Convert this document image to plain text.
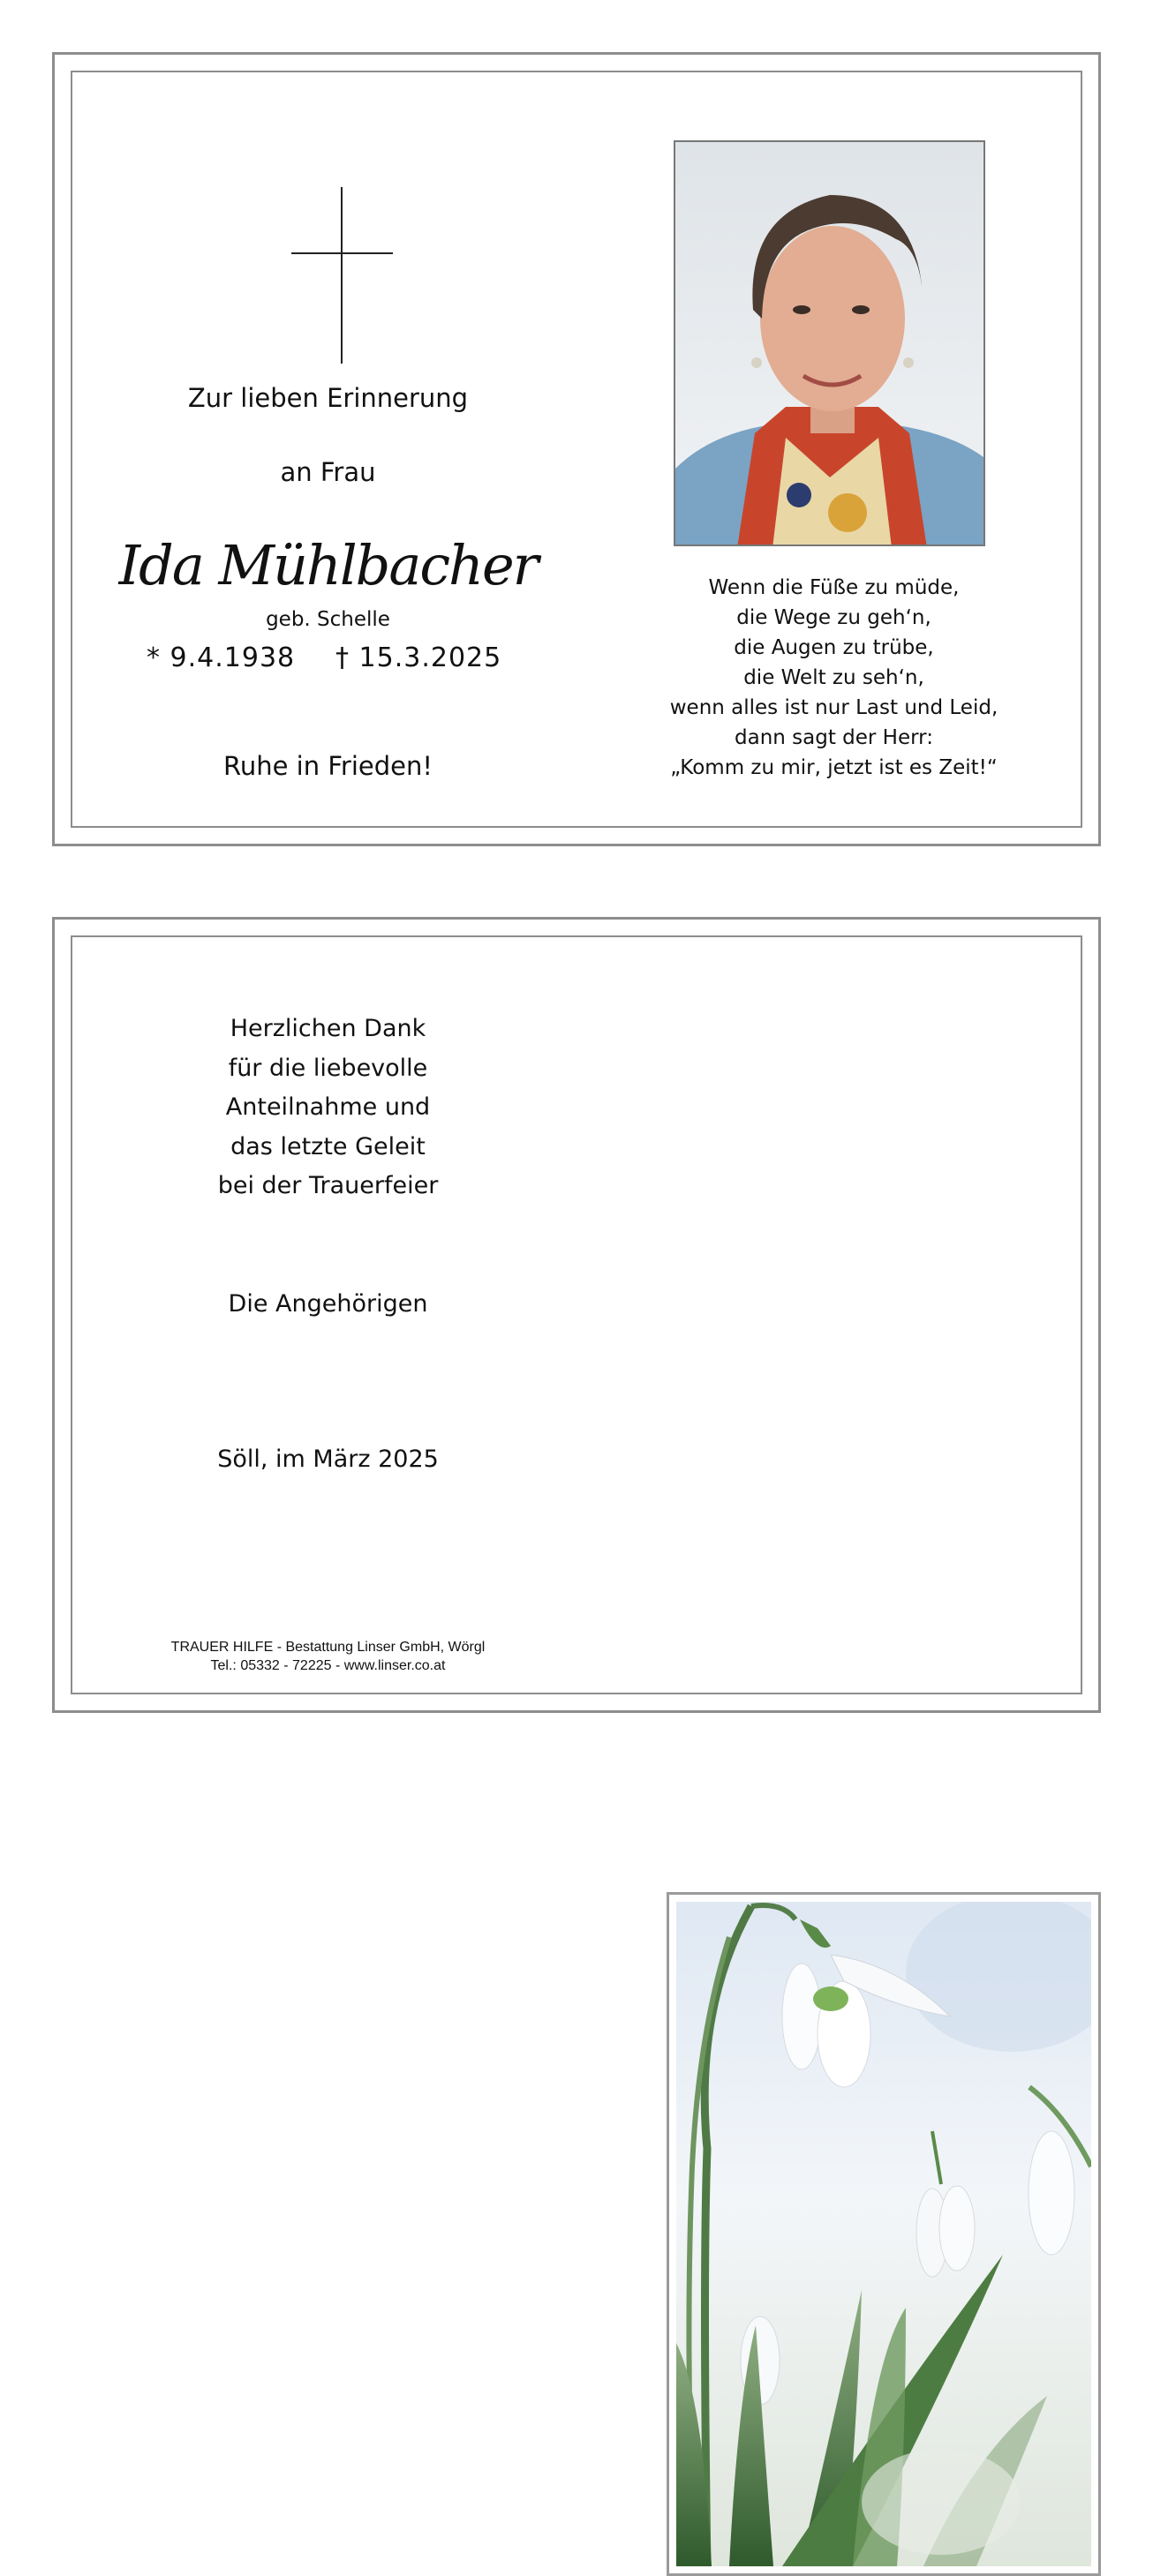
Zur lieben Erinnerung
an Frau
Ida Mühlbacher
geb. Schelle
* 9.4.1938 † 15.3.2025
Ruhe in Frieden!
Wenn die Füße zu müde,
die Wege zu geh‘n,
die Augen zu trübe,
die Welt zu seh‘n,
wenn alles ist nur Last und Leid,
dann sagt der Herr:
„Komm zu mir, jetzt ist es Zeit!“
Herzlichen Dank
für die liebevolle
Anteilnahme und
das letzte Geleit
bei der Trauerfeier
Die Angehörigen
Söll, im März 2025
TRAUER HILFE - Bestattung Linser GmbH, Wörgl
Tel.: 05332 - 72225 - www.linser.co.at
